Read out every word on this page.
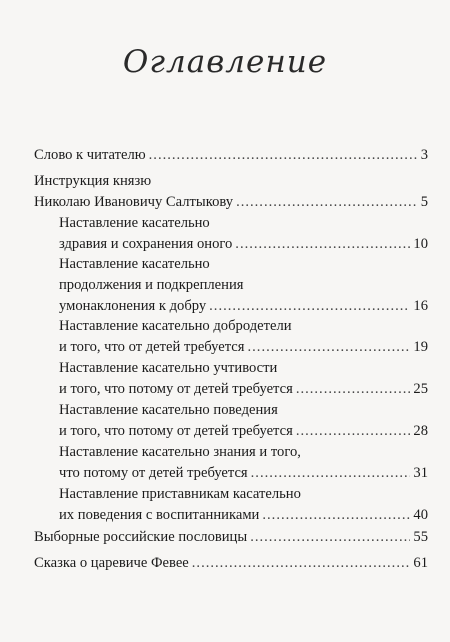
Оглавление
Слово к читателю .....	3
Инструкция князю
Николаю Ивановичу Салтыкову .....	5
Наставление касательно
здравия и сохранения оного .....	10
Наставление касательно
продолжения и подкрепления
умонаклонения к добру .....	16
Наставление касательно добродетели
и того, что от детей требуется .....	19
Наставление касательно учтивости
и того, что потому от детей требуется .....	25
Наставление касательно поведения
и того, что потому от детей требуется .....	28
Наставление касательно знания и того,
что потому от детей требуется .....	31
Наставление приставникам касательно
их поведения с воспитанниками .....	40
Выборные российские пословицы .....	55
Сказка о царевиче Февее .....	61
